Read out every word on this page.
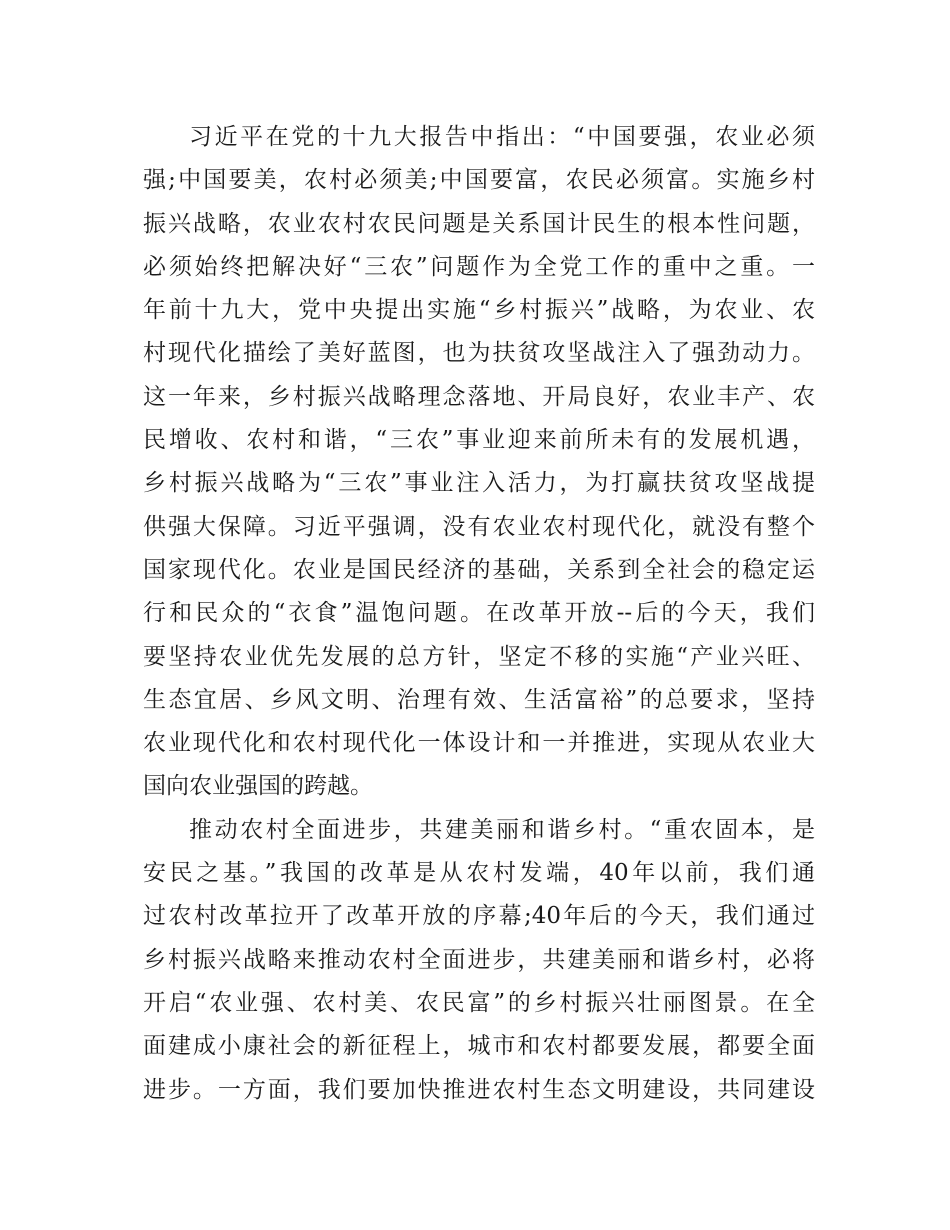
习近平在党的十九大报告中指出：“中国要强，农业必须
强;中国要美，农村必须美;中国要富，农民必须富。实施乡村
振兴战略，农业农村农民问题是关系国计民生的根本性问题，
必须始终把解决好“三农”问题作为全党工作的重中之重。一
年前十九大，党中央提出实施“乡村振兴”战略，为农业、农
村现代化描绘了美好蓝图，也为扶贫攻坚战注入了强劲动力。
这一年来，乡村振兴战略理念落地、开局良好，农业丰产、农
民增收、农村和谐，“三农”事业迎来前所未有的发展机遇，
乡村振兴战略为“三农”事业注入活力，为打赢扶贫攻坚战提
供强大保障。习近平强调，没有农业农村现代化，就没有整个
国家现代化。农业是国民经济的基础，关系到全社会的稳定运
行和民众的“衣食”温饱问题。在改革开放--后的今天，我们
要坚持农业优先发展的总方针，坚定不移的实施“产业兴旺、
生态宜居、乡风文明、治理有效、生活富裕”的总要求，坚持
农业现代化和农村现代化一体设计和一并推进，实现从农业大
国向农业强国的跨越。
推动农村全面进步，共建美丽和谐乡村。“重农固本，是
安民之基。”我国的改革是从农村发端，40年以前，我们通
过农村改革拉开了改革开放的序幕;40年后的今天，我们通过
乡村振兴战略来推动农村全面进步，共建美丽和谐乡村，必将
开启“农业强、农村美、农民富”的乡村振兴壮丽图景。在全
面建成小康社会的新征程上，城市和农村都要发展，都要全面
进步。一方面，我们要加快推进农村生态文明建设，共同建设
